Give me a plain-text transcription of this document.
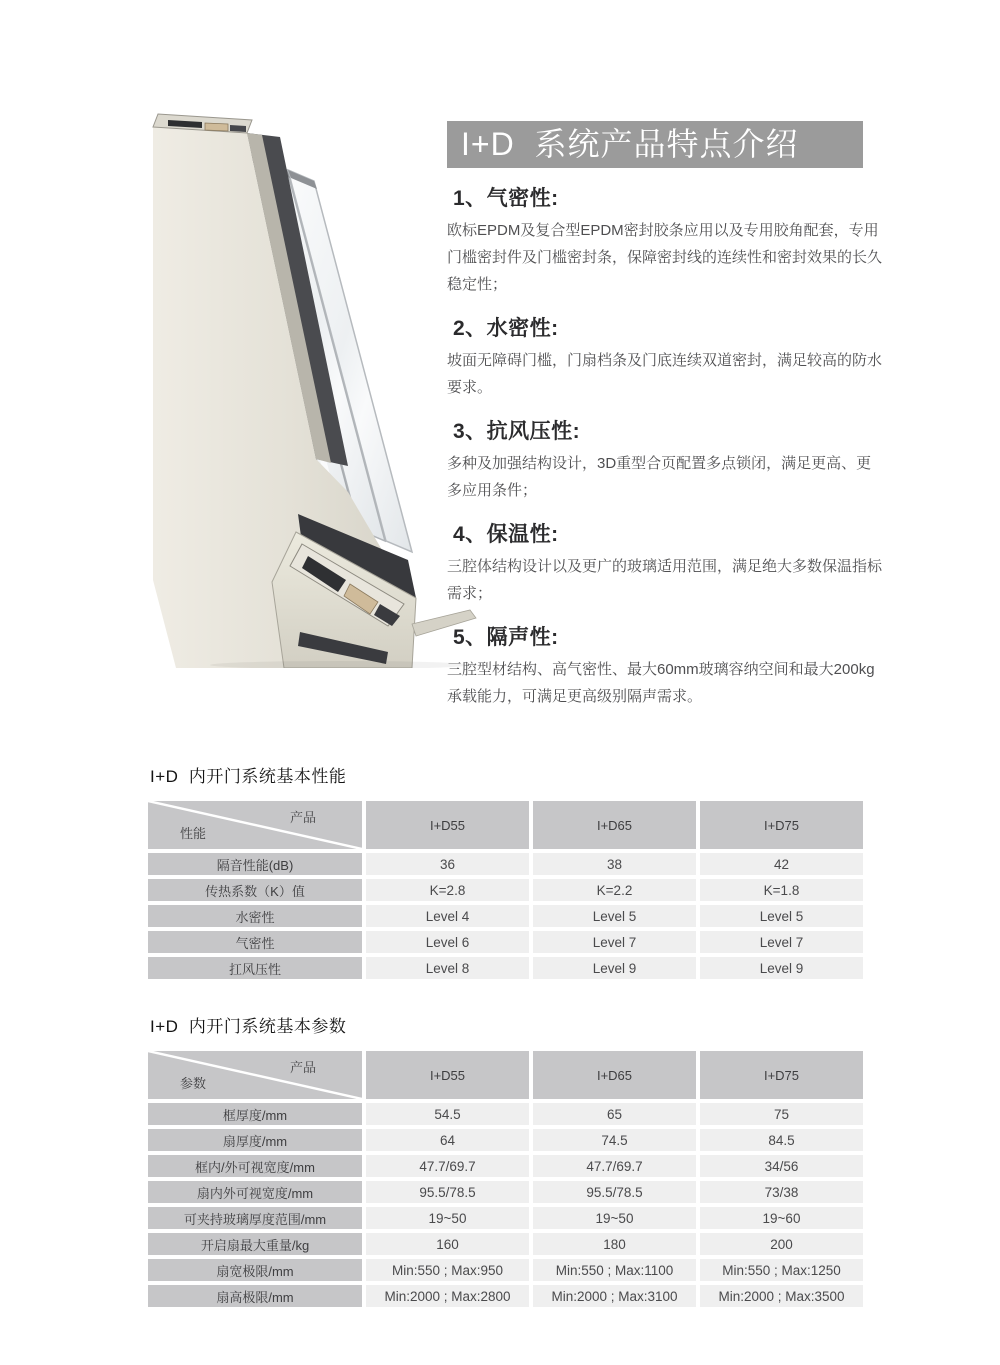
I+D  系统产品特点介绍
1、气密性:

欧标EPDM及复合型EPDM密封胶条应用以及专用胶角配套，专用门槛密封件及门槛密封条，保障密封线的连续性和密封效果的长久稳定性；

2、水密性:

坡面无障碍门槛，门扇档条及门底连续双道密封，满足较高的防水要求。

3、抗风压性:

多种及加强结构设计，3D重型合页配置多点锁闭，满足更高、更多应用条件；

4、保温性:

三腔体结构设计以及更广的玻璃适用范围，满足绝大多数保温指标需求；

5、隔声性:

三腔型材结构、高气密性、最大60mm玻璃容纳空间和最大200kg承载能力，可满足更高级别隔声需求。

I+D  内开门系统基本性能
产品
性能
I+D55	I+D65	I+D75
隔音性能(dB)	36	38	42
传热系数（K）值	K=2.8	K=2.2	K=1.8
水密性	Level 4	Level 5	Level 5
气密性	Level 6	Level 7	Level 7
扛风压性	Level 8	Level 9	Level 9
I+D  内开门系统基本参数
产品
参数
I+D55	I+D65	I+D75
框厚度/mm	54.5	65	75
扇厚度/mm	64	74.5	84.5
框内/外可视宽度/mm	47.7/69.7	47.7/69.7	34/56
扇内外可视宽度/mm	95.5/78.5	95.5/78.5	73/38
可夹持玻璃厚度范围/mm	19~50	19~50	19~60
开启扇最大重量/kg	160	180	200
扇宽极限/mm	Min:550 ; Max:950	Min:550 ; Max:1100	Min:550 ; Max:1250
扇高极限/mm	Min:2000 ; Max:2800	Min:2000 ; Max:3100	Min:2000 ; Max:3500
